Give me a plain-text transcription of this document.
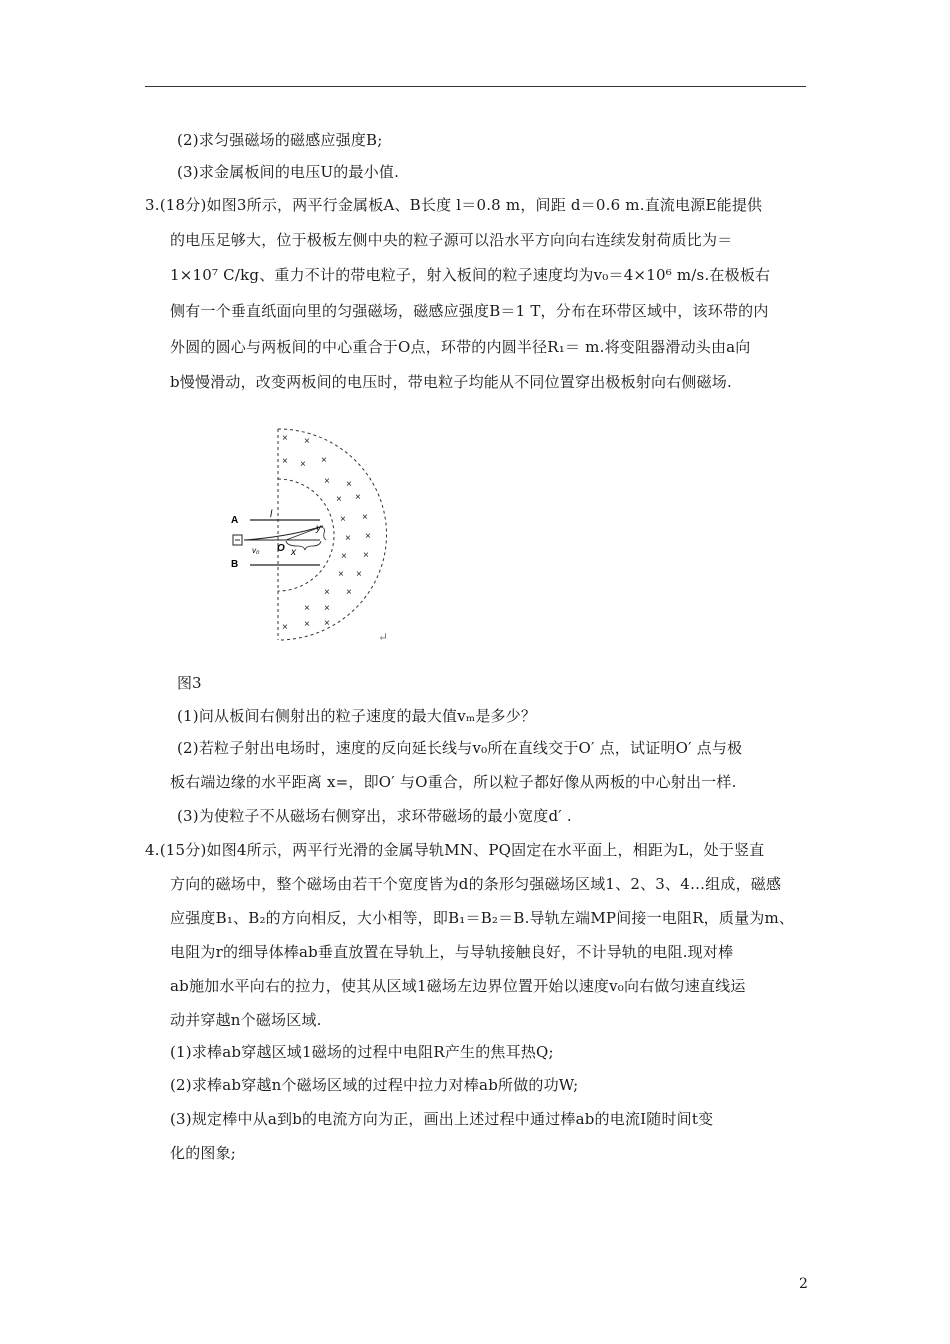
(2)求匀强磁场的磁感应强度B;
(3)求金属板间的电压U的最小值.
3.(18分)如图3所示，两平行金属板A、B长度 l＝0.8 m，间距 d＝0.6 m.直流电源E能提供
的电压足够大，位于极板左侧中央的粒子源可以沿水平方向向右连续发射荷质比为＝
1×10⁷ C/kg、重力不计的带电粒子，射入板间的粒子速度均为v₀＝4×10⁶ m/s.在极板右
侧有一个垂直纸面向里的匀强磁场，磁感应强度B＝1 T，分布在环带区域中，该环带的内
外圆的圆心与两板间的中心重合于O点，环带的内圆半径R₁＝ m.将变阻器滑动头由a向
b慢慢滑动，改变两板间的电压时，带电粒子均能从不同位置穿出极板射向右侧磁场.
A
B
l
y
O x
v₀
× ×
× × ×
× ×
× ×
× ×
× ×
× ×
× ×
× ×
× ×
× × ×
↵
图3
(1)问从板间右侧射出的粒子速度的最大值vₘ是多少？
(2)若粒子射出电场时，速度的反向延长线与v₀所在直线交于O′ 点，试证明O′ 点与极
板右端边缘的水平距离 x=，即O′ 与O重合，所以粒子都好像从两板的中心射出一样.
(3)为使粒子不从磁场右侧穿出，求环带磁场的最小宽度d′ .
4.(15分)如图4所示，两平行光滑的金属导轨MN、PQ固定在水平面上，相距为L，处于竖直
方向的磁场中，整个磁场由若干个宽度皆为d的条形匀强磁场区域1、2、3、4…组成，磁感
应强度B₁、B₂的方向相反，大小相等，即B₁＝B₂＝B.导轨左端MP间接一电阻R，质量为m、
电阻为r的细导体棒ab垂直放置在导轨上，与导轨接触良好，不计导轨的电阻.现对棒
ab施加水平向右的拉力，使其从区域1磁场左边界位置开始以速度v₀向右做匀速直线运
动并穿越n个磁场区域.
(1)求棒ab穿越区域1磁场的过程中电阻R产生的焦耳热Q;
(2)求棒ab穿越n个磁场区域的过程中拉力对棒ab所做的功W;
(3)规定棒中从a到b的电流方向为正，画出上述过程中通过棒ab的电流I随时间t变
化的图象;
2
